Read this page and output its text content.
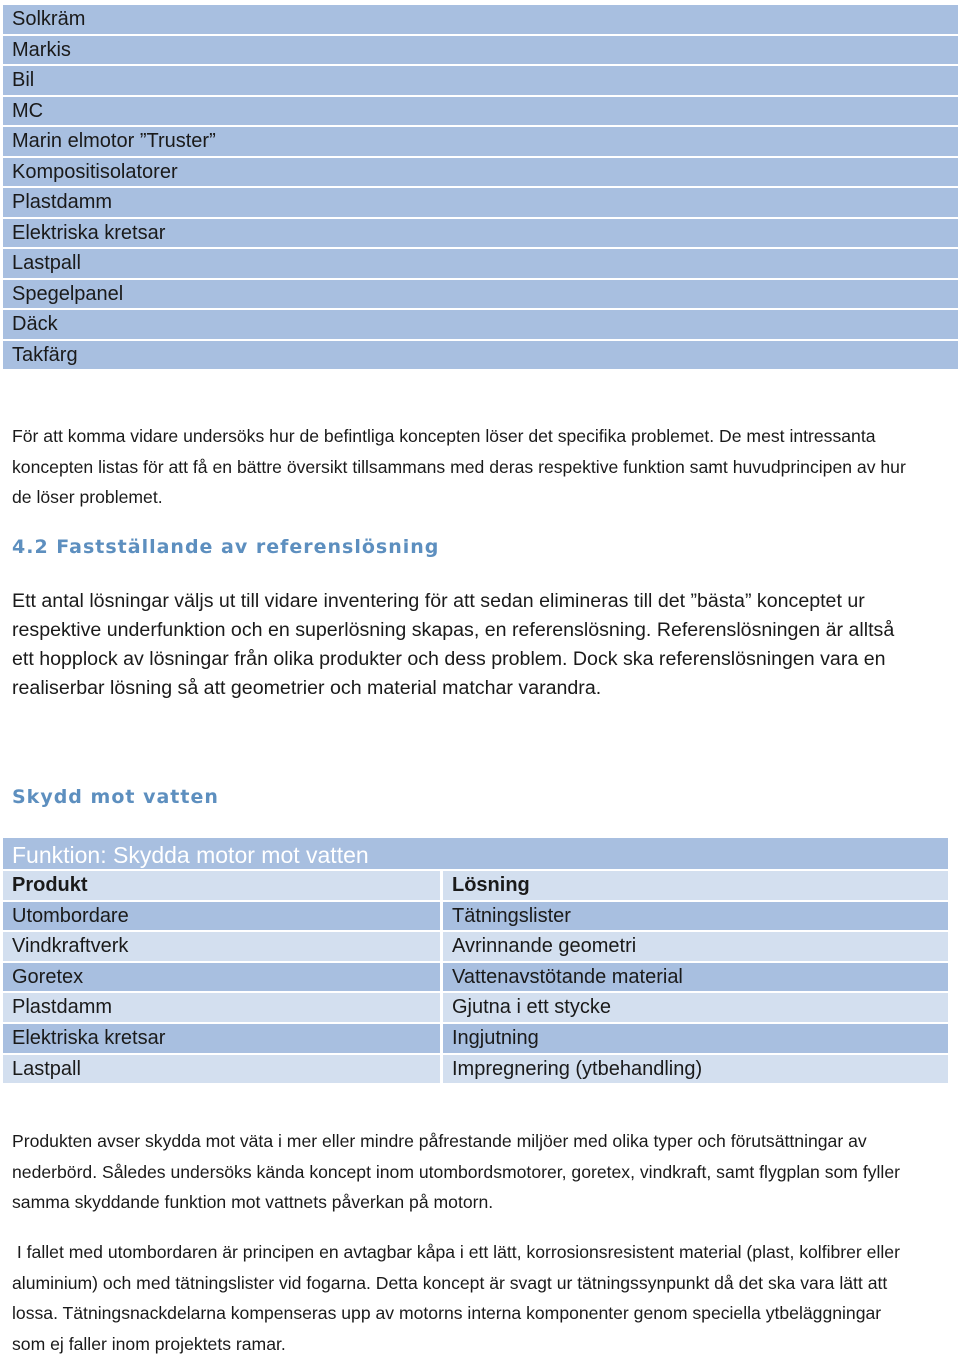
Solkräm
Markis
Bil
MC
Marin elmotor ”Truster”
Kompositisolatorer
Plastdamm
Elektriska kretsar
Lastpall
Spegelpanel
Däck
Takfärg

För att komma vidare undersöks hur de befintliga koncepten löser det specifika problemet. De mest intressanta koncepten listas för att få en bättre översikt tillsammans med deras respektive funktion samt huvudprincipen av hur de löser problemet.

4.2 Fastställande av referenslösning

Ett antal lösningar väljs ut till vidare inventering för att sedan elimineras till det ”bästa” konceptet ur respektive underfunktion och en superlösning skapas, en referenslösning. Referenslösningen är alltså ett hopplock av lösningar från olika produkter och dess problem. Dock ska referenslösningen vara en realiserbar lösning så att geometrier och material matchar varandra.

Skydd mot vatten
Funktion: Skydda motor mot vatten
Produkt	Lösning
Utombordare	Tätningslister
Vindkraftverk	Avrinnande geometri
Goretex	Vattenavstötande material
Plastdamm	Gjutna i ett stycke
Elektriska kretsar	Ingjutning
Lastpall	Impregnering (ytbehandling)

Produkten avser skydda mot väta i mer eller mindre påfrestande miljöer med olika typer och förutsättningar av nederbörd. Således undersöks kända koncept inom utombordsmotorer, goretex, vindkraft, samt flygplan som fyller samma skyddande funktion mot vattnets påverkan på motorn.

I fallet med utombordaren är principen en avtagbar kåpa i ett lätt, korrosionsresistent material (plast, kolfibrer eller aluminium) och med tätningslister vid fogarna. Detta koncept är svagt ur tätningssynpunkt då det ska vara lätt att lossa. Tätningsnackdelarna kompenseras upp av motorns interna komponenter genom speciella ytbeläggningar som ej faller inom projektets ramar.
